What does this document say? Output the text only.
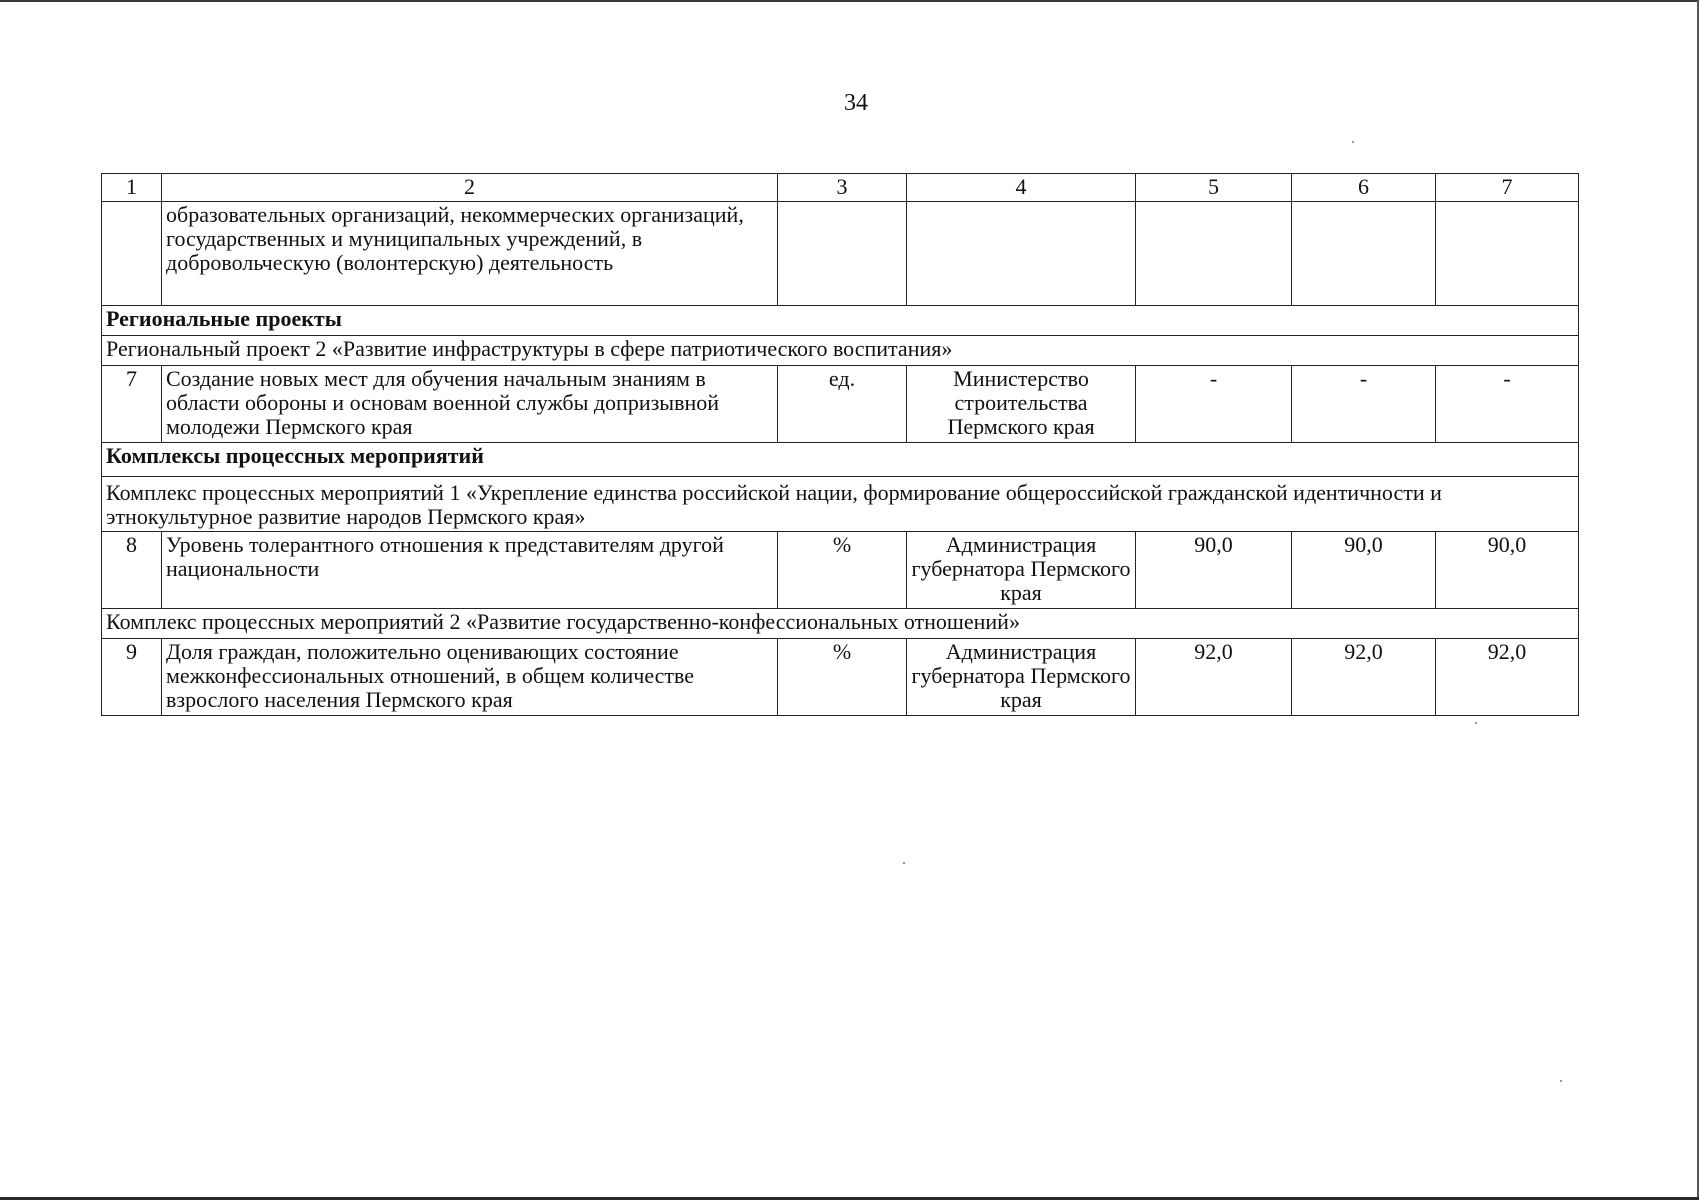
34
1	2	3	4	5	6	7
	образовательных организаций, некоммерческих организаций, государственных и муниципальных учреждений, в добровольческую (волонтерскую) деятельность					
Региональные проекты						
Региональный проект 2 «Развитие инфраструктуры в сфере патриотического воспитания»						
7	Создание новых мест для обучения начальным знаниям в области обороны и основам военной службы допризывной молодежи Пермского края	ед.	Министерство строительства Пермского края	-	-	-
Комплексы процессных мероприятий						
Комплекс процессных мероприятий 1 «Укрепление единства российской нации, формирование общероссийской гражданской идентичности и этнокультурное развитие народов Пермского края»						
8	Уровень толерантного отношения к представителям другой национальности	%	Администрация губернатора Пермского края	90,0	90,0	90,0
Комплекс процессных мероприятий 2 «Развитие государственно-конфессиональных отношений»						
9	Доля граждан, положительно оценивающих состояние межконфессиональных отношений, в общем количестве взрослого населения Пермского края	%	Администрация губернатора Пермского края	92,0	92,0	92,0
